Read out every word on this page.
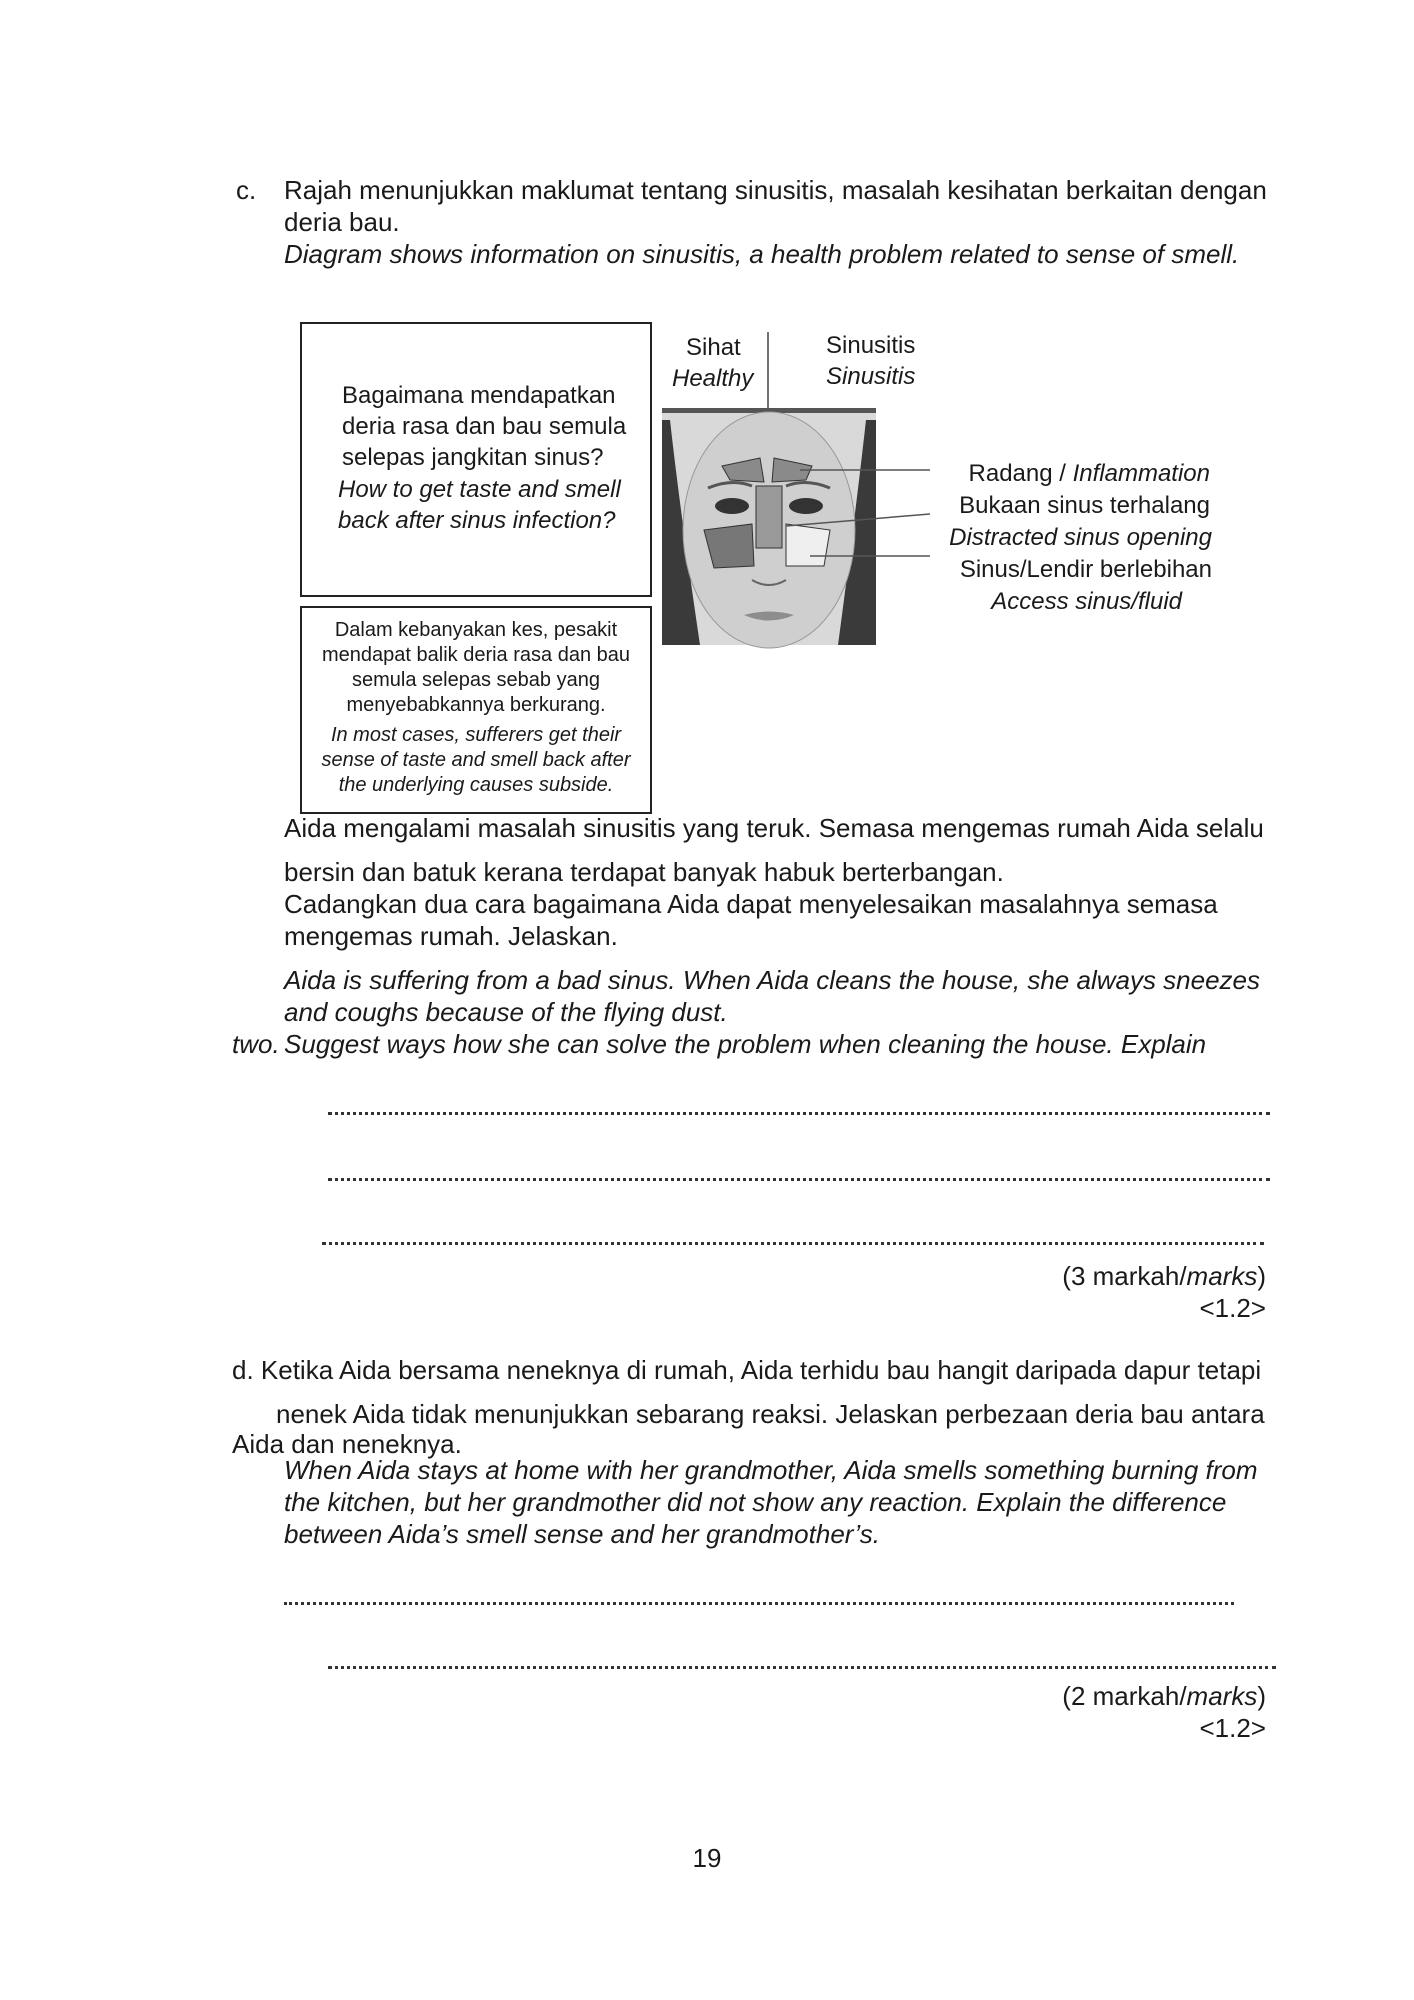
c. Rajah menunjukkan maklumat tentang sinusitis, masalah kesihatan berkaitan dengan
deria bau.
Diagram shows information on sinusitis, a health problem related to sense of smell.
Bagaimana mendapatkan
deria rasa dan bau semula
selepas jangkitan sinus?
How to get taste and smell
back after sinus infection?
Dalam kebanyakan kes, pesakit
mendapat balik deria rasa dan bau
semula selepas sebab yang
menyebabkannya berkurang.
In most cases, sufferers get their
sense of taste and smell back after
the underlying causes subside.
Sihat
Healthy
Sinusitis
Sinusitis
Radang / Inflammation
Bukaan sinus terhalang
Distracted sinus opening
Sinus/Lendir berlebihan
Access sinus/fluid
Aida mengalami masalah sinusitis yang teruk. Semasa mengemas rumah Aida selalu
bersin dan batuk kerana terdapat banyak habuk berterbangan.
Cadangkan dua cara bagaimana Aida dapat menyelesaikan masalahnya semasa
mengemas rumah. Jelaskan.
Aida is suffering from a bad sinus. When Aida cleans the house, she always sneezes
and coughs because of the flying dust.
two. Suggest ways how she can solve the problem when cleaning the house. Explain
(3 markah/marks)
<1.2>
d. Ketika Aida bersama neneknya di rumah, Aida terhidu bau hangit daripada dapur tetapi
nenek Aida tidak menunjukkan sebarang reaksi. Jelaskan perbezaan deria bau antara
Aida dan neneknya.
When Aida stays at home with her grandmother, Aida smells something burning from
the kitchen, but her grandmother did not show any reaction. Explain the difference
between Aida’s smell sense and her grandmother’s.
(2 markah/marks)
<1.2>
19
